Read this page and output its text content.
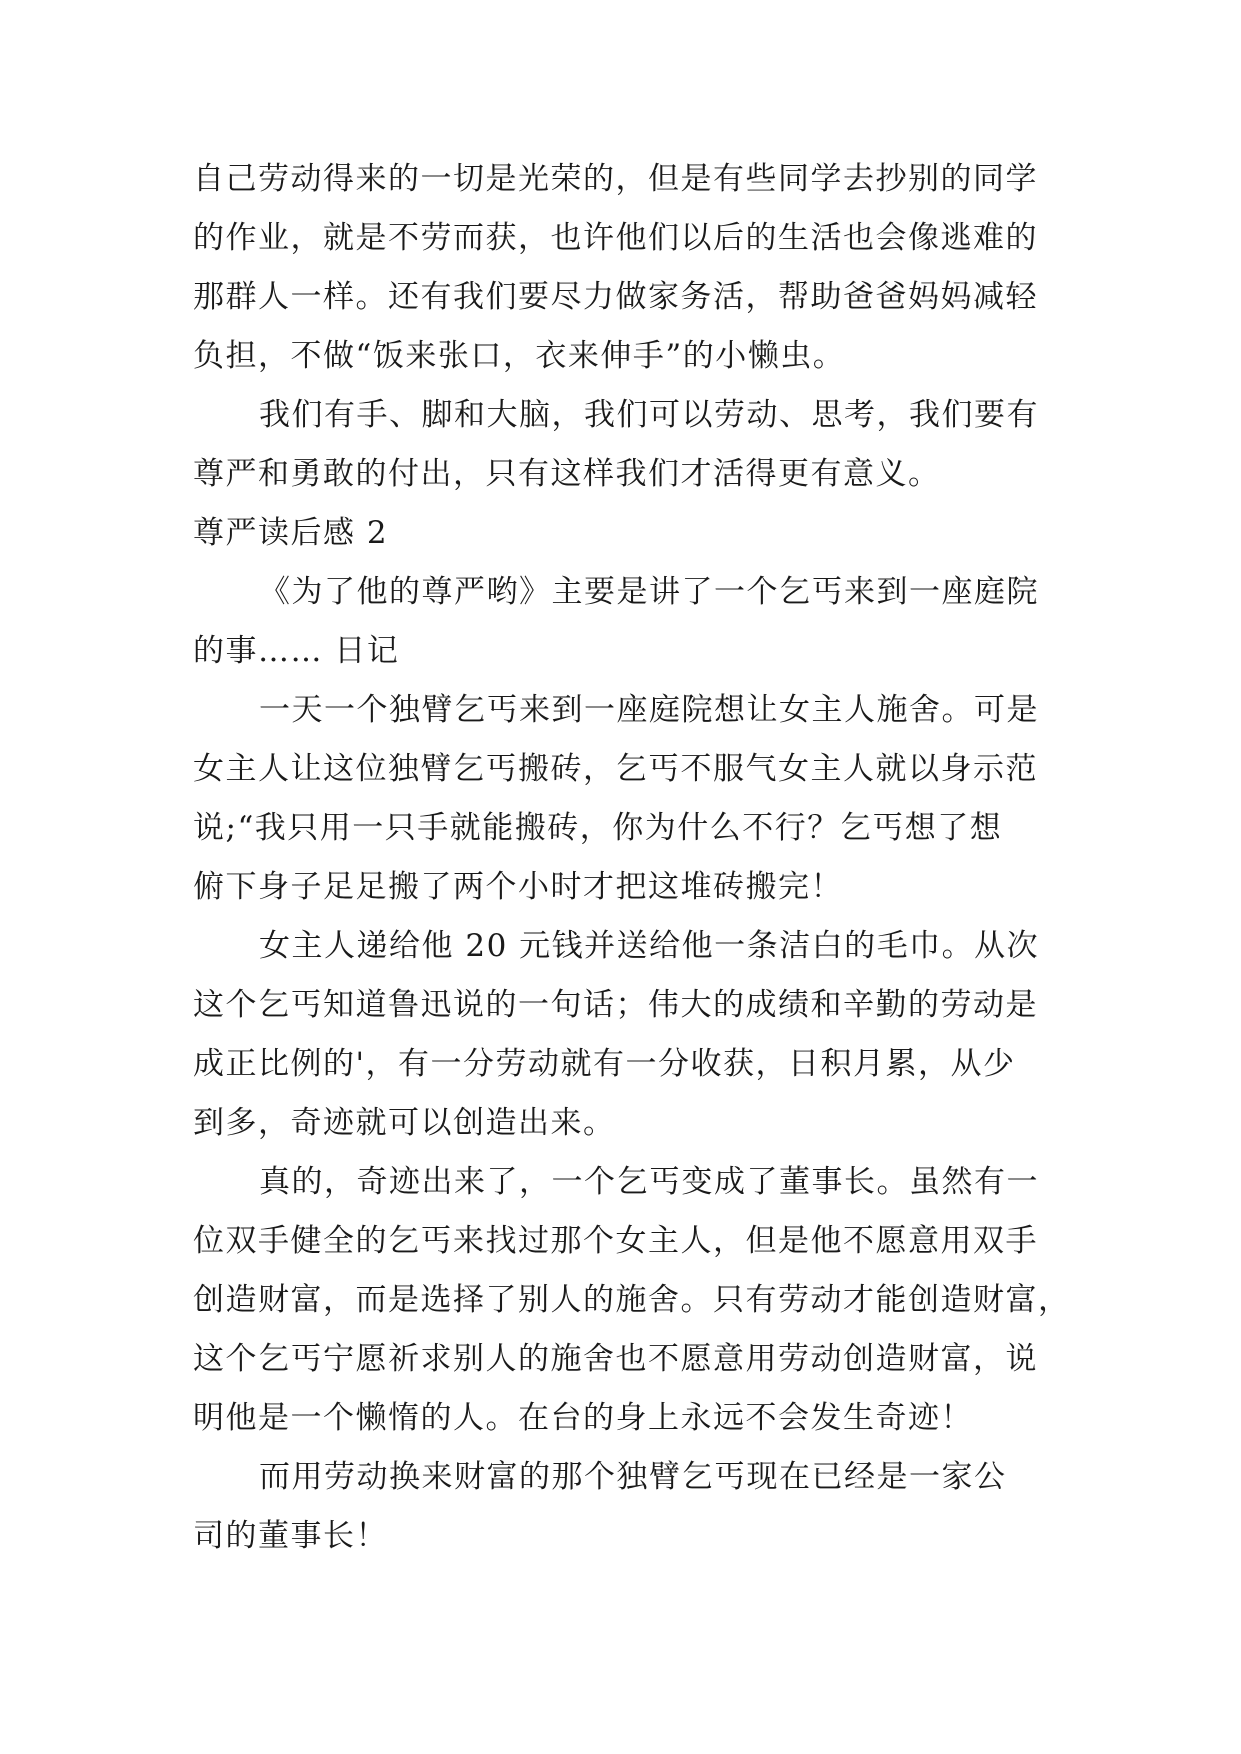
自己劳动得来的一切是光荣的，但是有些同学去抄别的同学
的作业，就是不劳而获，也许他们以后的生活也会像逃难的
那群人一样。还有我们要尽力做家务活，帮助爸爸妈妈减轻
负担，不做“饭来张口，衣来伸手”的小懒虫。

我们有手、脚和大脑，我们可以劳动、思考，我们要有
尊严和勇敢的付出，只有这样我们才活得更有意义。

尊严读后感 2

《为了他的尊严哟》主要是讲了一个乞丐来到一座庭院
的事…… 日记

一天一个独臂乞丐来到一座庭院想让女主人施舍。可是
女主人让这位独臂乞丐搬砖，乞丐不服气女主人就以身示范
说;“我只用一只手就能搬砖，你为什么不行？乞丐想了想
俯下身子足足搬了两个小时才把这堆砖搬完！

女主人递给他 20 元钱并送给他一条洁白的毛巾。从次
这个乞丐知道鲁迅说的一句话；伟大的成绩和辛勤的劳动是
成正比例的'，有一分劳动就有一分收获，日积月累，从少
到多，奇迹就可以创造出来。

真的，奇迹出来了，一个乞丐变成了董事长。虽然有一
位双手健全的乞丐来找过那个女主人，但是他不愿意用双手
创造财富，而是选择了别人的施舍。只有劳动才能创造财富，
这个乞丐宁愿祈求别人的施舍也不愿意用劳动创造财富，说
明他是一个懒惰的人。在台的身上永远不会发生奇迹！

而用劳动换来财富的那个独臂乞丐现在已经是一家公
司的董事长！
